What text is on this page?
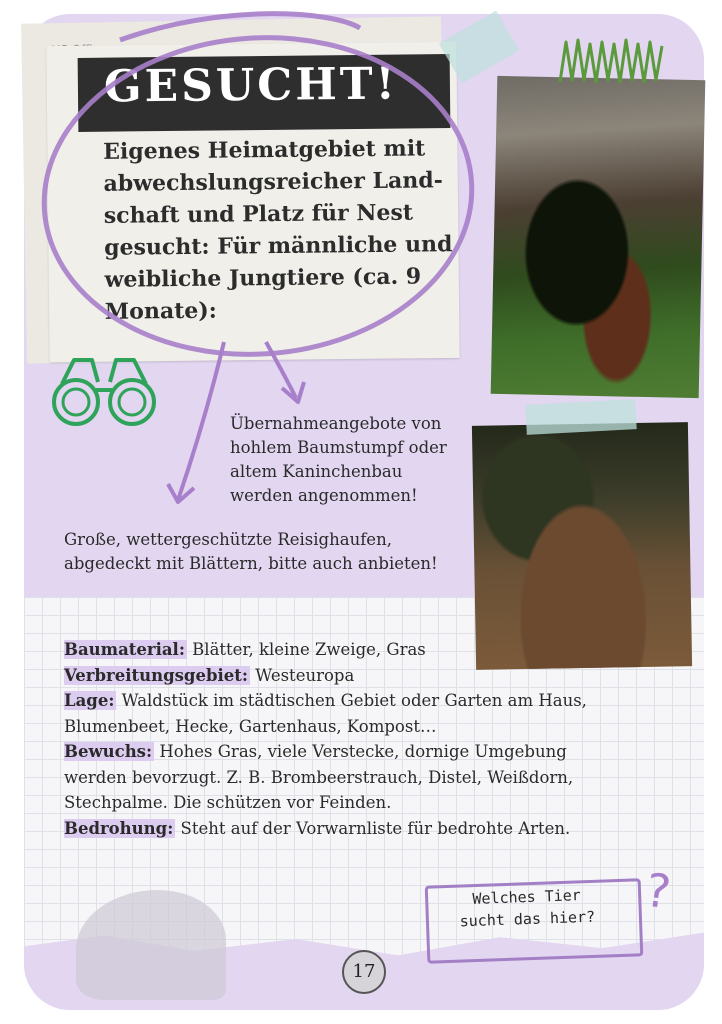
GESUCHT!

Eigenes Heimatgebiet mit abwechslungsreicher Land- schaft und Platz für Nest gesucht: Für männliche und weibliche Jungtiere (ca. 9 Monate):

Übernahmeangebote von hohlem Baumstumpf oder altem Kaninchenbau werden angenommen!

Große, wettergeschützte Reisighaufen, abgedeckt mit Blättern, bitte auch anbieten!

Baumaterial: Blätter, kleine Zweige, Gras

Verbreitungsgebiet: Westeuropa

Lage: Waldstück im städtischen Gebiet oder Garten am Haus, Blumenbeet, Hecke, Gartenhaus, Kompost…

Bewuchs: Hohes Gras, viele Verstecke, dornige Umgebung werden bevorzugt. Z. B. Brombeerstrauch, Distel, Weißdorn, Stechpalme. Die schützen vor Feinden.

Bedrohung: Steht auf der Vorwarnliste für bedrohte Arten.

Welches Tier
sucht das hier?	?

17
